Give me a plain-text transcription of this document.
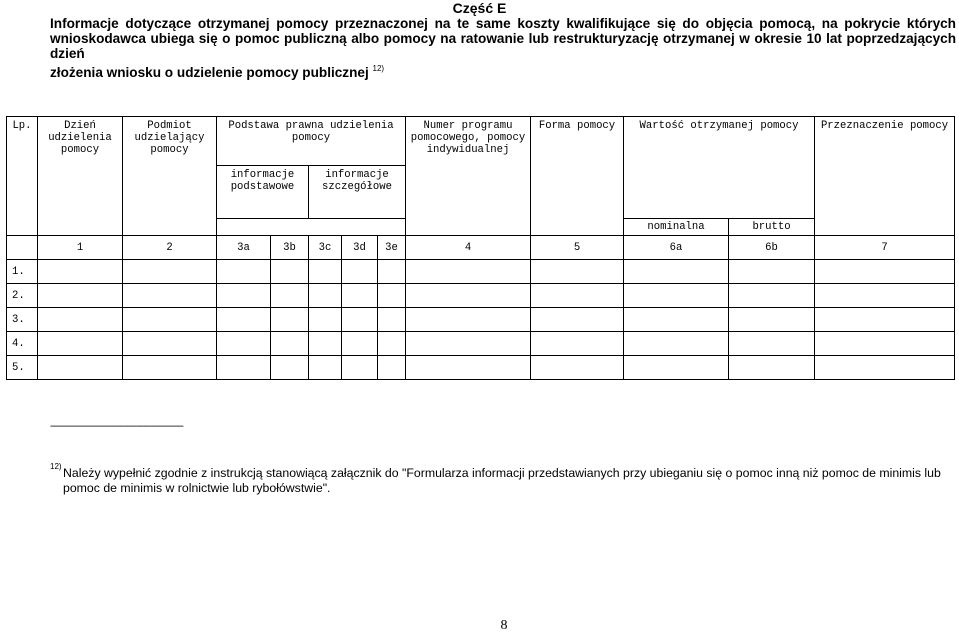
Część E
Informacje dotyczące otrzymanej pomocy przeznaczonej na te same koszty kwalifikujące się do objęcia pomocą, na pokrycie których wnioskodawca ubiega się o pomoc publiczną albo pomocy na ratowanie lub restrukturyzację otrzymanej w okresie 10 lat poprzedzających dzień
złożenia wniosku o udzielenie pomocy publicznej $^{12)}$
Lp.	Dzień udzielenia pomocy	Podmiot udzielający pomocy	Podstawa prawna udzielenia pomocy					Numer programu pomocowego, pomocy indywidualnej	Forma pomocy	Wartość otrzymanej pomocy		Przeznaczenie pomocy
			informacje podstawowe		informacje szczegółowe							
										nominalna	brutto	
	1	2	3a	3b	3c	3d	3e	4	5	6a	6b	7
1.												
2.												
3.												
4.												
5.												
---------------------------------------------------------
12) Należy wypełnić zgodnie z instrukcją stanowiącą załącznik do "Formularza informacji przedstawianych przy ubieganiu się o pomoc inną niż pomoc de minimis lub pomoc de minimis w rolnictwie lub rybołówstwie".
8
